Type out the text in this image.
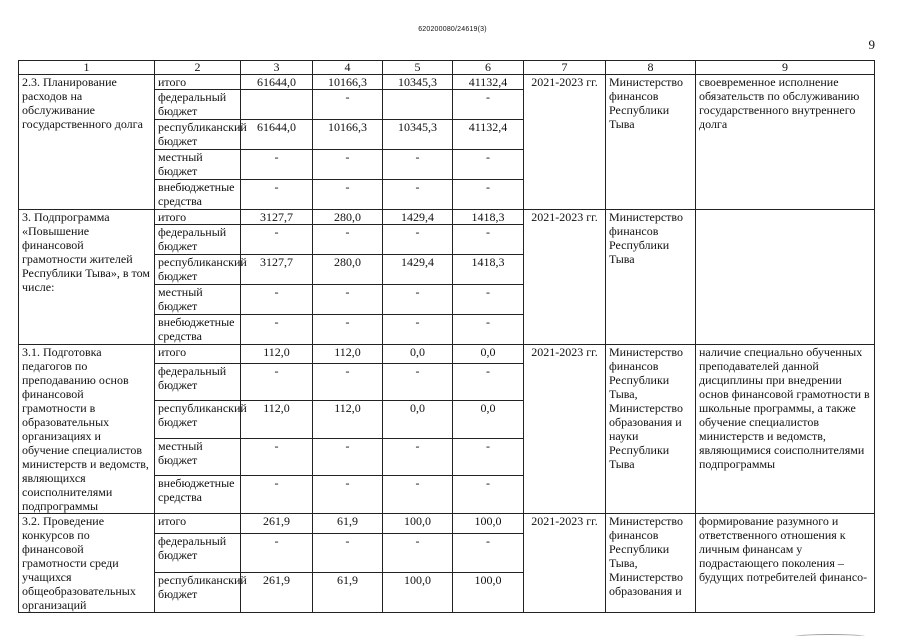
620200080/24619(3)
9
1	2	3	4	5	6	7	8	9
2.3. Планирование расходов на обслуживание государственного долга	итого	61644,0	10166,3	10345,3	41132,4	2021-2023 гг.	Министерство финансов Республики Тыва	своевременное исполнение обязательств по обслуживанию государственного внутреннего долга
	федеральный бюджет		-		-			
	республиканский бюджет	61644,0	10166,3	10345,3	41132,4			
	местный бюджет	-	-	-	-			
	внебюджетные средства	-	-	-	-			
3. Подпрограмма «Повышение финансовой грамотности жителей Республики Тыва», в том числе:	итого	3127,7	280,0	1429,4	1418,3	2021-2023 гг.	Министерство финансов Республики Тыва	
	федеральный бюджет	-	-	-	-			
	республиканский бюджет	3127,7	280,0	1429,4	1418,3			
	местный бюджет	-	-	-	-			
	внебюджетные средства	-	-	-	-			
3.1. Подготовка педагогов по преподаванию основ финансовой грамотности в образовательных организациях и обучение специалистов министерств и ведомств, являющихся соисполнителями подпрограммы	итого	112,0	112,0	0,0	0,0	2021-2023 гг.	Министерство финансов Республики Тыва, Министерство образования и науки Республики Тыва	наличие специально обученных преподавателей данной дисциплины при внедрении основ финансовой грамотности в школьные программы, а также обучение специалистов министерств и ведомств, являющимися соисполнителями подпрограммы
	федеральный бюджет	-	-	-	-			
	республиканский бюджет	112,0	112,0	0,0	0,0			
	местный бюджет	-	-	-	-			
	внебюджетные средства	-	-	-	-			
3.2. Проведение конкурсов по финансовой грамотности среди учащихся общеобразовательных организаций	итого	261,9	61,9	100,0	100,0	2021-2023 гг.	Министерство финансов Республики Тыва, Министерство образования и	формирование разумного и ответственного отношения к личным финансам у подрастающего поколения – будущих потребителей финансо-
	федеральный бюджет	-	-	-	-			
	республиканский бюджет	261,9	61,9	100,0	100,0			
